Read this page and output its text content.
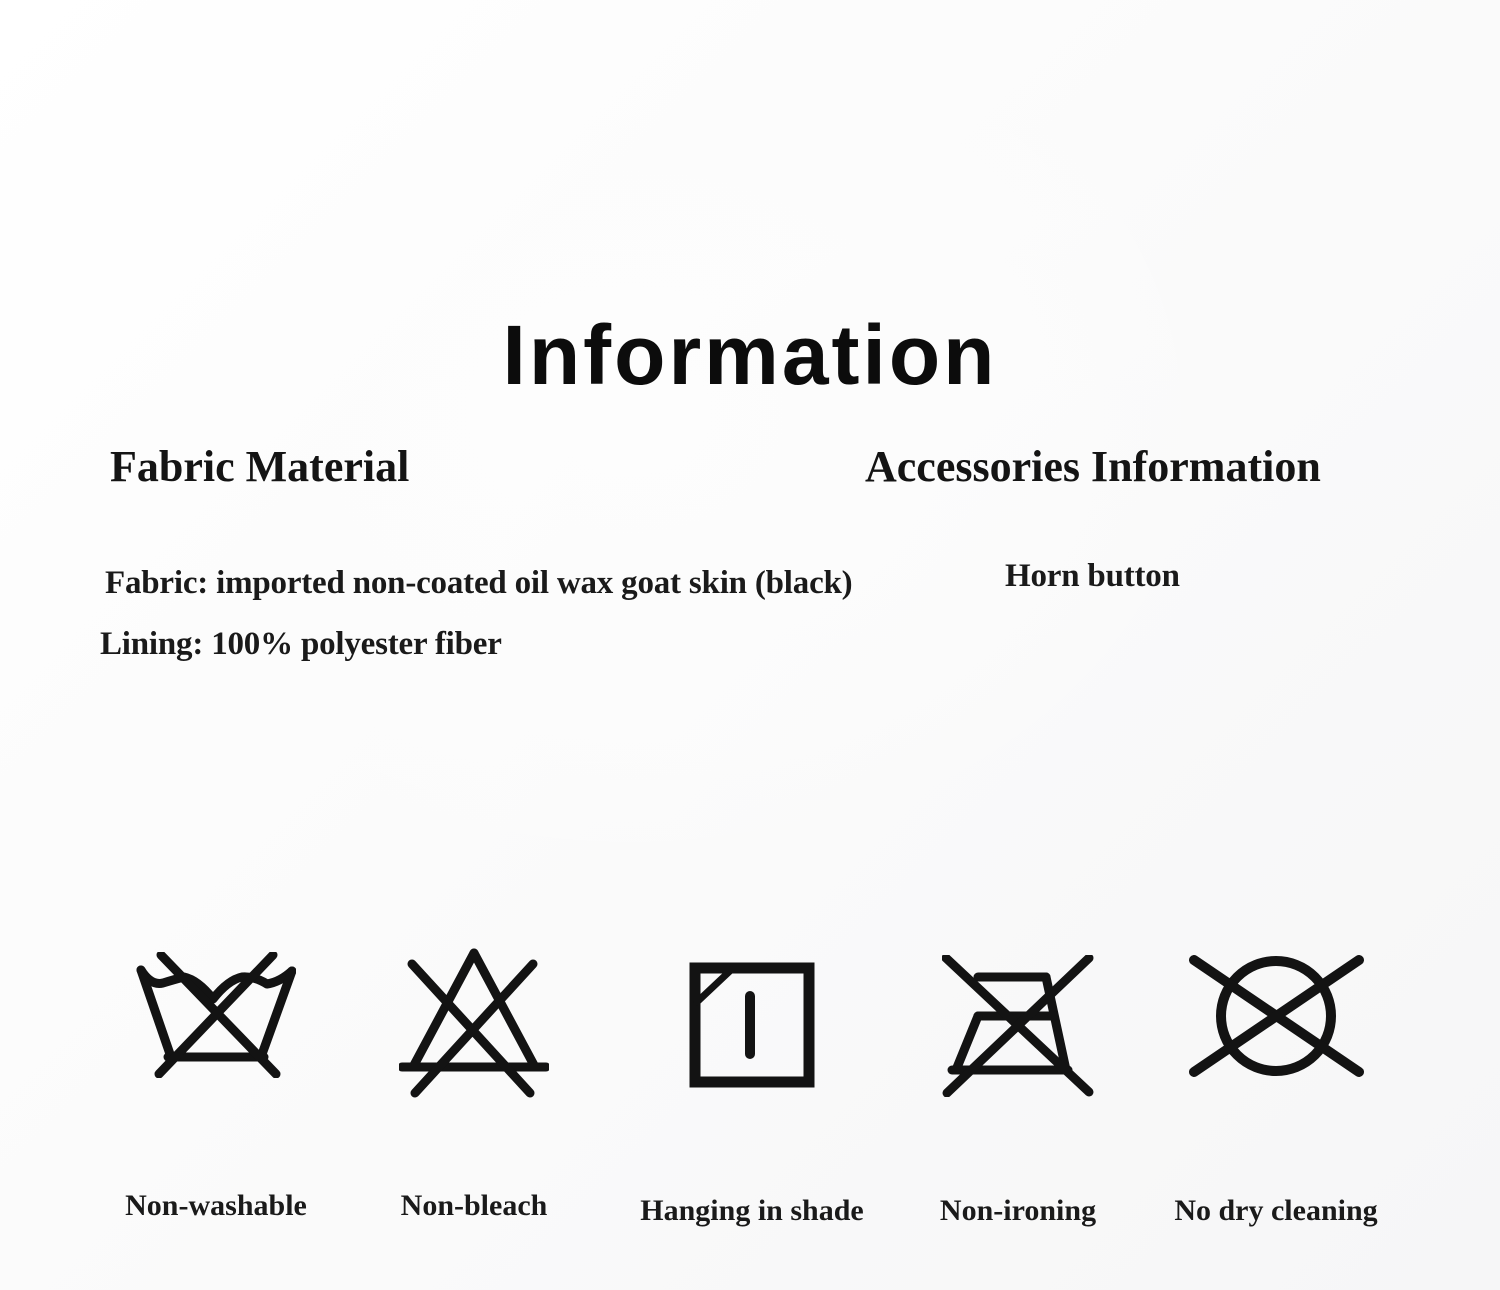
Information
Fabric Material

Fabric: imported non-coated oil wax goat skin (black)

Lining: 100% polyester fiber

Accessories Information

Horn button

Non-washable	Non-bleach	Hanging in shade	Non-ironing	No dry cleaning
